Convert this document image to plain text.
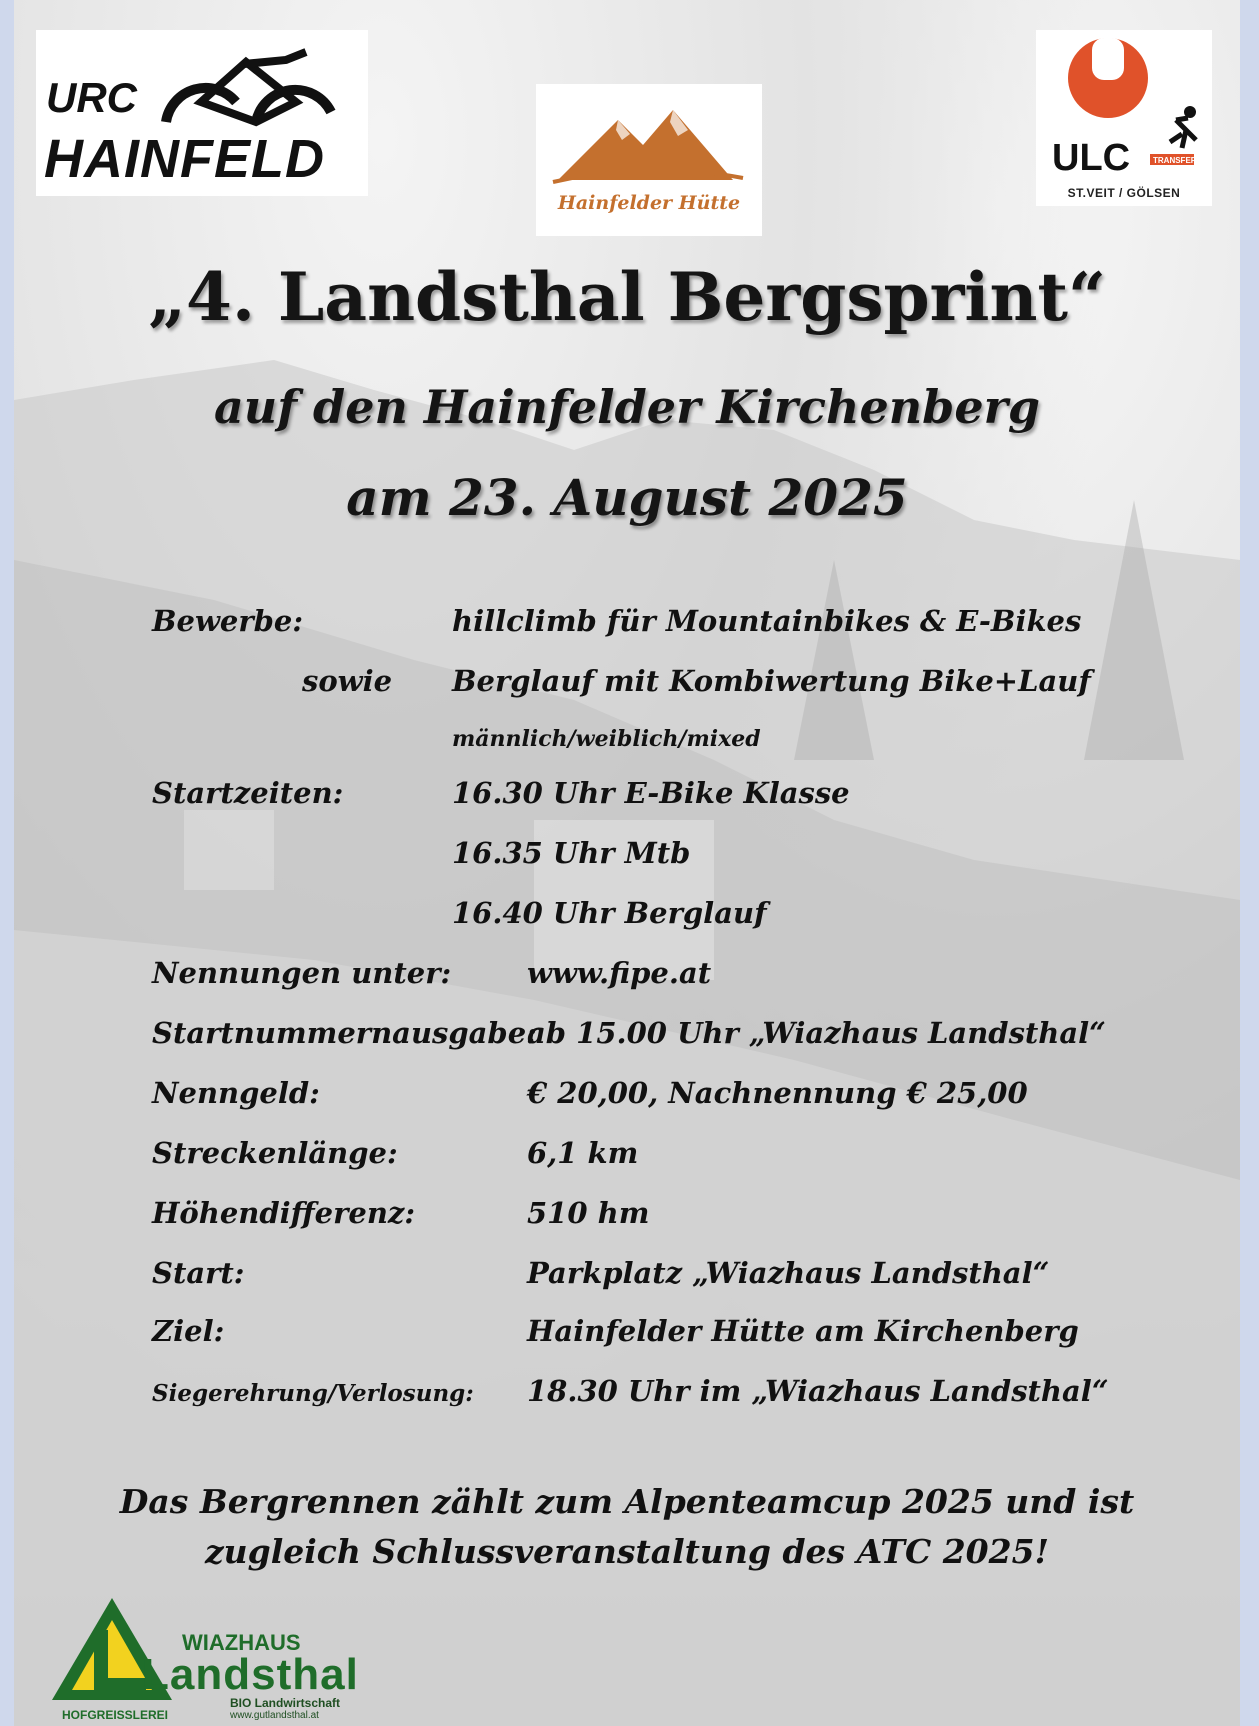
URC
HAINFELD
Hainfelder Hütte
ULC	TRANSFER
ST.VEIT / GÖLSEN
„4. Landsthal Bergsprint“
auf den Hainfelder Kirchenberg
am 23. August 2025
Bewerbe:	hillclimb für Mountainbikes & E-Bikes
sowie Berglauf mit Kombiwertung Bike+Lauf
männlich/weiblich/mixed
Startzeiten:	16.30 Uhr E-Bike Klasse
16.35 Uhr Mtb
16.40 Uhr Berglauf
Nennungen unter:	www.fipe.at
Startnummernausgabe:
ab 15.00 Uhr „Wiazhaus Landsthal“
Nenngeld:	€ 20,00, Nachnennung € 25,00
Streckenlänge:	6,1 km
Höhendifferenz:	510 hm
Start:	Parkplatz „Wiazhaus Landsthal“
Ziel:	Hainfelder Hütte am Kirchenberg
Siegerehrung/Verlosung: 18.30 Uhr im „Wiazhaus Landsthal“
Das Bergrennen zählt zum Alpenteamcup 2025 und ist
zugleich Schlussveranstaltung des ATC 2025!
WIAZHAUS
Landsthal
BIO Landwirtschaft
www.gutlandsthal.at
HOFGREISSLEREI
